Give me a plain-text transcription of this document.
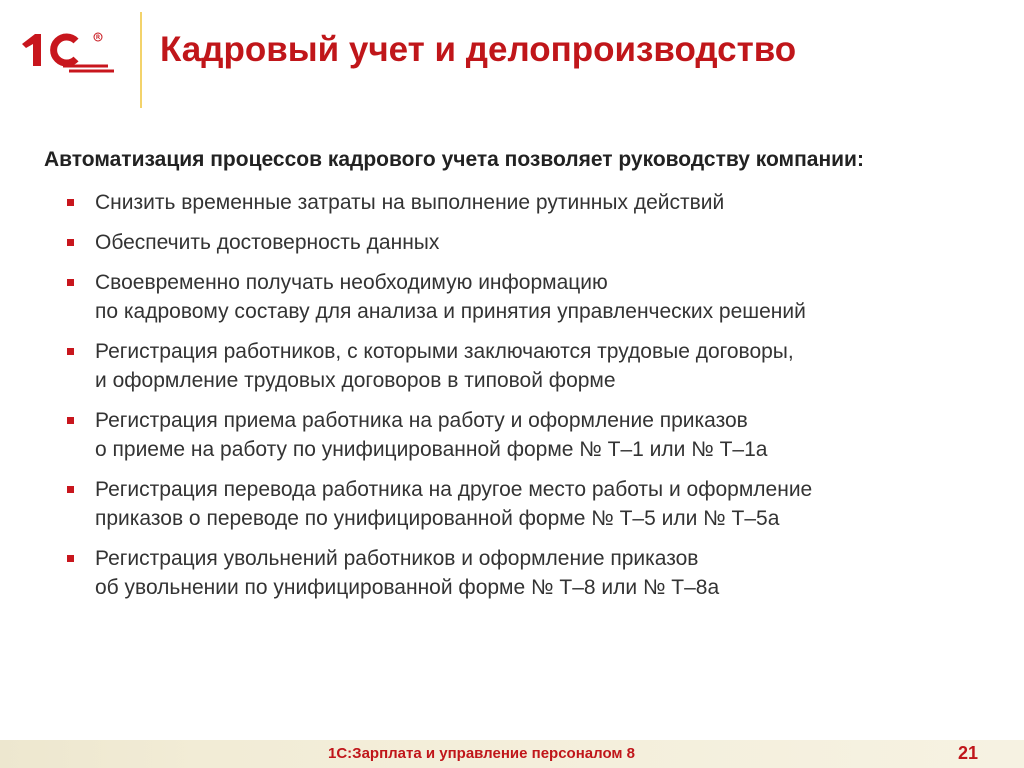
Кадровый учет и делопроизводство

Автоматизация процессов кадрового учета позволяет руководству компании:

Снизить временные затраты на выполнение рутинных действий
Обеспечить достоверность данных
Своевременно получать необходимую информацию
по кадровому составу для анализа и принятия управленческих решений
Регистрация работников, с которыми заключаются трудовые договоры,
и оформление трудовых договоров в типовой форме
Регистрация приема работника на работу и оформление приказов
о приеме на работу по унифицированной форме № Т–1 или № Т–1а
Регистрация перевода работника на другое место работы и оформление
приказов о переводе по унифицированной форме № Т–5 или № Т–5а
Регистрация увольнений работников и оформление приказов
об увольнении по унифицированной форме № Т–8 или № Т–8а
1С:Зарплата и управление персоналом 8	21
